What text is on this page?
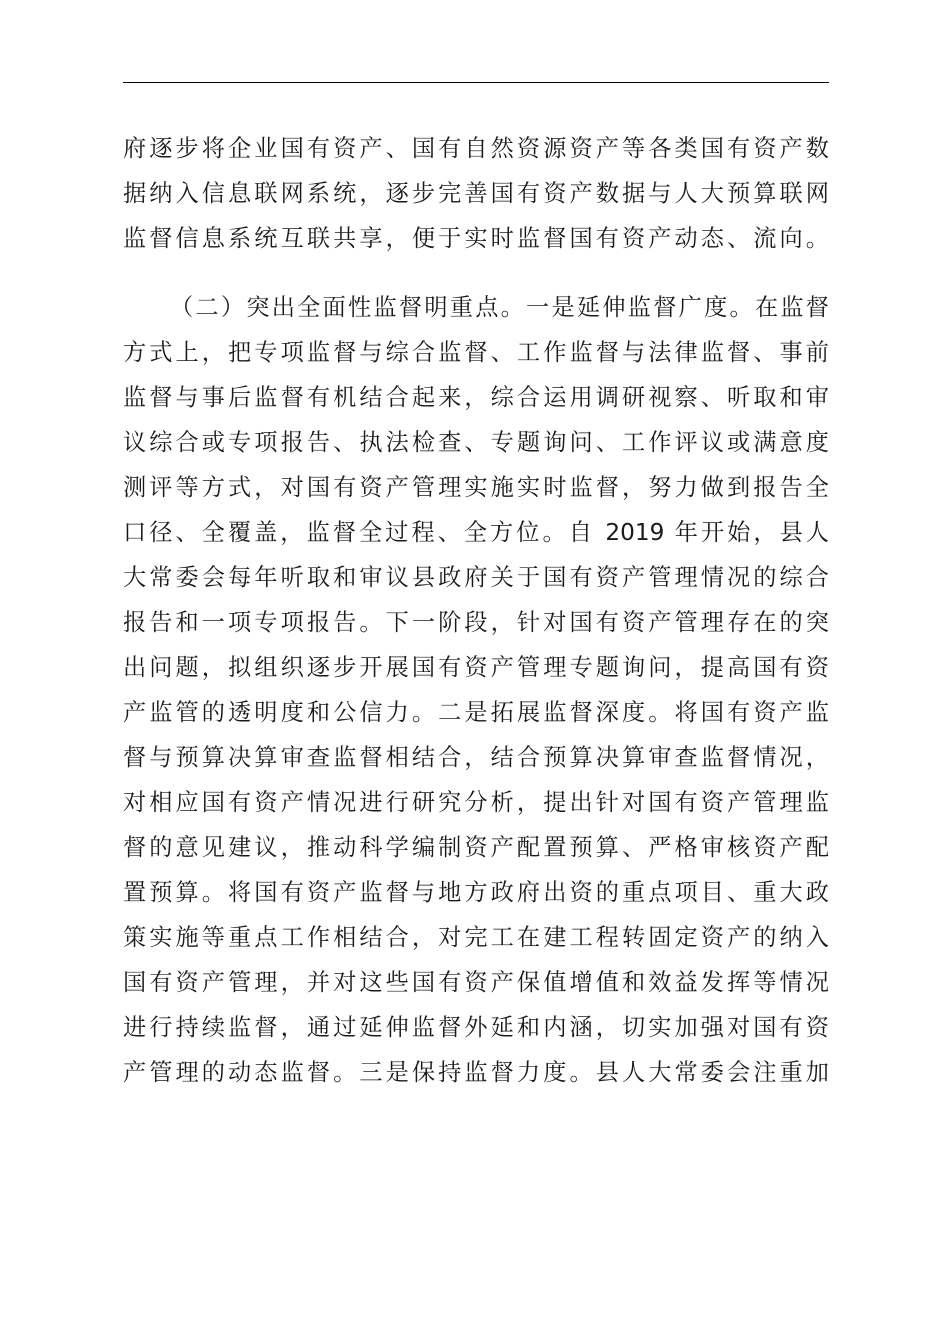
府逐步将企业国有资产、国有自然资源资产等各类国有资产数
据纳入信息联网系统，逐步完善国有资产数据与人大预算联网
监督信息系统互联共享，便于实时监督国有资产动态、流向。
（二）突出全面性监督明重点。一是延伸监督广度。在监督
方式上，把专项监督与综合监督、工作监督与法律监督、事前
监督与事后监督有机结合起来，综合运用调研视察、听取和审
议综合或专项报告、执法检查、专题询问、工作评议或满意度
测评等方式，对国有资产管理实施实时监督，努力做到报告全
口径、全覆盖，监督全过程、全方位。自 2019 年开始，县人
大常委会每年听取和审议县政府关于国有资产管理情况的综合
报告和一项专项报告。下一阶段，针对国有资产管理存在的突
出问题，拟组织逐步开展国有资产管理专题询问，提高国有资
产监管的透明度和公信力。二是拓展监督深度。将国有资产监
督与预算决算审查监督相结合，结合预算决算审查监督情况，
对相应国有资产情况进行研究分析，提出针对国有资产管理监
督的意见建议，推动科学编制资产配置预算、严格审核资产配
置预算。将国有资产监督与地方政府出资的重点项目、重大政
策实施等重点工作相结合，对完工在建工程转固定资产的纳入
国有资产管理，并对这些国有资产保值增值和效益发挥等情况
进行持续监督，通过延伸监督外延和内涵，切实加强对国有资
产管理的动态监督。三是保持监督力度。县人大常委会注重加
